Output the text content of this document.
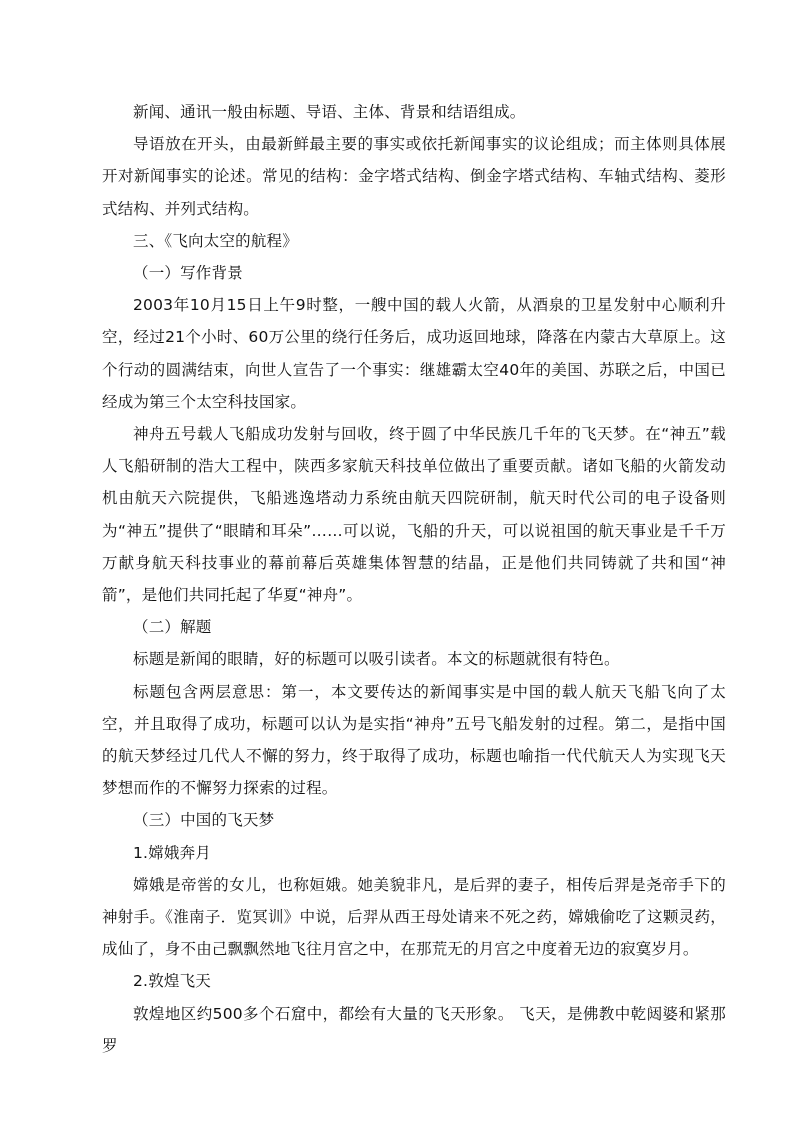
新闻、通讯一般由标题、导语、主体、背景和结语组成。

导语放在开头，由最新鲜最主要的事实或依托新闻事实的议论组成；而主体则具体展开对新闻事实的论述。常见的结构：金字塔式结构、倒金字塔式结构、车轴式结构、菱形式结构、并列式结构。

三、《飞向太空的航程》

（一）写作背景

2003年10月15日上午9时整，一艘中国的载人火箭，从酒泉的卫星发射中心顺利升空，经过21个小时、60万公里的绕行任务后，成功返回地球，降落在内蒙古大草原上。这个行动的圆满结束，向世人宣告了一个事实：继雄霸太空40年的美国、苏联之后，中国已经成为第三个太空科技国家。

神舟五号载人飞船成功发射与回收，终于圆了中华民族几千年的飞天梦。在“神五”载人飞船研制的浩大工程中，陕西多家航天科技单位做出了重要贡献。诸如飞船的火箭发动机由航天六院提供，飞船逃逸塔动力系统由航天四院研制，航天时代公司的电子设备则为“神五”提供了“眼睛和耳朵”……可以说，飞船的升天，可以说祖国的航天事业是千千万万献身航天科技事业的幕前幕后英雄集体智慧的结晶，正是他们共同铸就了共和国“神箭”，是他们共同托起了华夏“神舟”。

（二）解题

标题是新闻的眼睛，好的标题可以吸引读者。本文的标题就很有特色。

标题包含两层意思：第一，本文要传达的新闻事实是中国的载人航天飞船飞向了太空，并且取得了成功，标题可以认为是实指“神舟”五号飞船发射的过程。第二，是指中国的航天梦经过几代人不懈的努力，终于取得了成功，标题也喻指一代代航天人为实现飞天梦想而作的不懈努力探索的过程。

（三）中国的飞天梦

1.嫦娥奔月

嫦娥是帝喾的女儿，也称姮娥。她美貌非凡，是后羿的妻子，相传后羿是尧帝手下的神射手。《淮南子．览冥训》中说，后羿从西王母处请来不死之药，嫦娥偷吃了这颗灵药，成仙了，身不由己飘飘然地飞往月宫之中，在那荒无的月宫之中度着无边的寂寞岁月。

2.敦煌飞天

敦煌地区约500多个石窟中，都绘有大量的飞天形象。 飞天，是佛教中乾闼婆和紧那罗
